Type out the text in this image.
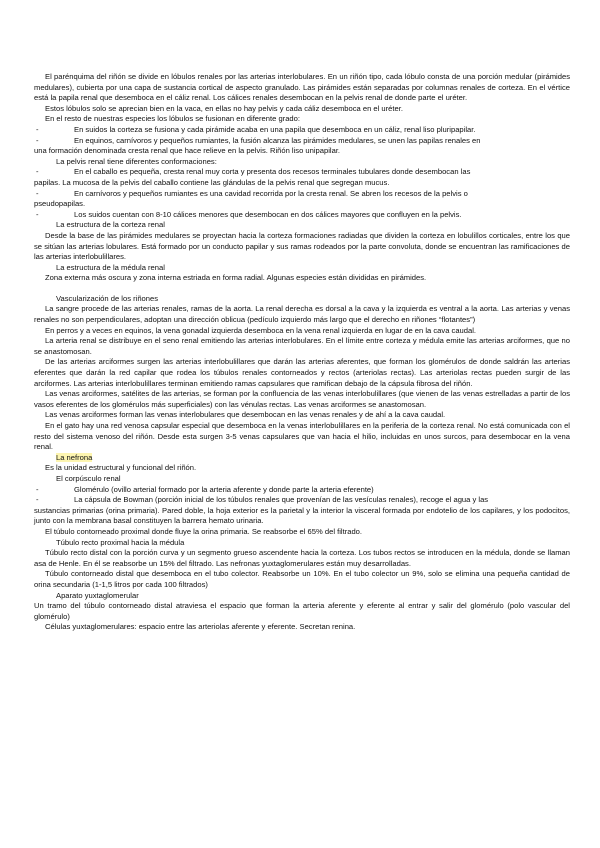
El parénquima del riñón se divide en lóbulos renales por las arterias interlobulares. En un riñón tipo, cada lóbulo consta de una porción medular (pirámides medulares), cubierta por una capa de sustancia cortical de aspecto granulado. Las pirámides están separadas por columnas renales de corteza. En el vértice está la papila renal que desemboca en el cáliz renal. Los cálices renales desembocan en la pelvis renal de donde parte el uréter.

Estos lóbulos solo se aprecian bien en la vaca, en ellas no hay pelvis y cada cáliz desemboca en el uréter.

En el resto de nuestras especies los lóbulos se fusionan en diferente grado:

-	En suidos la corteza se fusiona y cada pirámide acaba en una papila que desemboca en un cáliz, renal liso pluripapilar.
-	En equinos, carnívoros y pequeños rumiantes, la fusión alcanza las pirámides medulares, se unen las papilas renales en

una formación denominada cresta renal que hace relieve en la pelvis. Riñón liso unipapilar.

La pelvis renal tiene diferentes conformaciones:

-	En el caballo es pequeña, cresta renal muy corta y presenta dos recesos terminales tubulares donde desembocan las

papilas. La mucosa de la pelvis del caballo contiene las glándulas de la pelvis renal que segregan mucus.

-	En carnívoros y pequeños rumiantes es una cavidad recorrida por la cresta renal. Se abren los recesos de la pelvis o

pseudopapilas.

-	Los suidos cuentan con 8-10 cálices menores que desembocan en dos cálices mayores que confluyen en la pelvis.

La estructura de la corteza renal

Desde la base de las pirámides medulares se proyectan hacia la corteza formaciones radiadas que dividen la corteza en lobulillos corticales, entre los que se sitúan las arterias lobulares. Está formado por un conducto papilar y sus ramas rodeados por la parte convoluta, donde se encuentran las ramificaciones de las arterias interlobulillares.

La estructura de la médula renal

Zona externa más oscura y zona interna estriada en forma radial. Algunas especies están divididas en pirámides.

Vascularización de los riñones

La sangre procede de las arterias renales, ramas de la aorta. La renal derecha es dorsal a la cava y la izquierda es ventral a la aorta. Las arterias y venas renales no son perpendiculares, adoptan una dirección oblicua (pedículo izquierdo más largo que el derecho en riñones “flotantes”)

En perros y a veces en equinos, la vena gonadal izquierda desemboca en la vena renal izquierda en lugar de en la cava caudal.

La arteria renal se distribuye en el seno renal emitiendo las arterias interlobulares. En el límite entre corteza y médula emite las arterias arciformes, que no se anastomosan.

De las arterias arciformes surgen las arterias interlobulillares que darán las arterias aferentes, que forman los glomérulos de donde saldrán las arterias eferentes que darán la red capilar que rodea los túbulos renales contorneados y rectos (arteriolas rectas). Las arteriolas rectas pueden surgir de las arciformes. Las arterias interlobulillares terminan emitiendo ramas capsulares que ramifican debajo de la cápsula fibrosa del riñón.

Las venas arciformes, satélites de las arterias, se forman por la confluencia de las venas interlobulillares (que vienen de las venas estrelladas a partir de los vasos eferentes de los glomérulos más superficiales) con las vénulas rectas. Las venas arciformes se anastomosan.

Las venas arciformes forman las venas interlobulares que desembocan en las venas renales y de ahí a la cava caudal.

En el gato hay una red venosa capsular especial que desemboca en la venas interlobulillares en la periferia de la corteza renal. No está comunicada con el resto del sistema venoso del riñón. Desde esta surgen 3-5 venas capsulares que van hacia el hilio, incluidas en unos surcos, para desembocar en la vena renal.

La nefrona

Es la unidad estructural y funcional del riñón.

El corpúsculo renal

-	Glomérulo (ovillo arterial formado por la arteria aferente y donde parte la arteria eferente)
-	La cápsula de Bowman (porción inicial de los túbulos renales que provenían de las vesículas renales), recoge el agua y las

sustancias primarias (orina primaria). Pared doble, la hoja exterior es la parietal y la interior la visceral formada por endotelio de los capilares, y los podocitos, junto con la membrana basal constituyen la barrera hemato urinaria.

El túbulo contorneado proximal donde fluye la orina primaria. Se reabsorbe el 65% del filtrado.

Túbulo recto proximal hacia la médula

Túbulo recto distal con la porción curva y un segmento grueso ascendente hacia la corteza. Los tubos rectos se introducen en la médula, donde se llaman asa de Henle. En él se reabsorbe un 15% del filtrado. Las nefronas yuxtaglomerulares están muy desarrolladas.

Túbulo contorneado distal que desemboca en el tubo colector. Reabsorbe un 10%. En el tubo colector un 9%, solo se elimina una pequeña cantidad de orina secundaria (1-1,5 litros por cada 100 filtrados)

Aparato yuxtaglomerular

Un tramo del túbulo contorneado distal atraviesa el espacio que forman la arteria aferente y eferente al entrar y salir del glomérulo (polo vascular del glomérulo)

Células yuxtaglomerulares: espacio entre las arteriolas aferente y eferente. Secretan renina.
